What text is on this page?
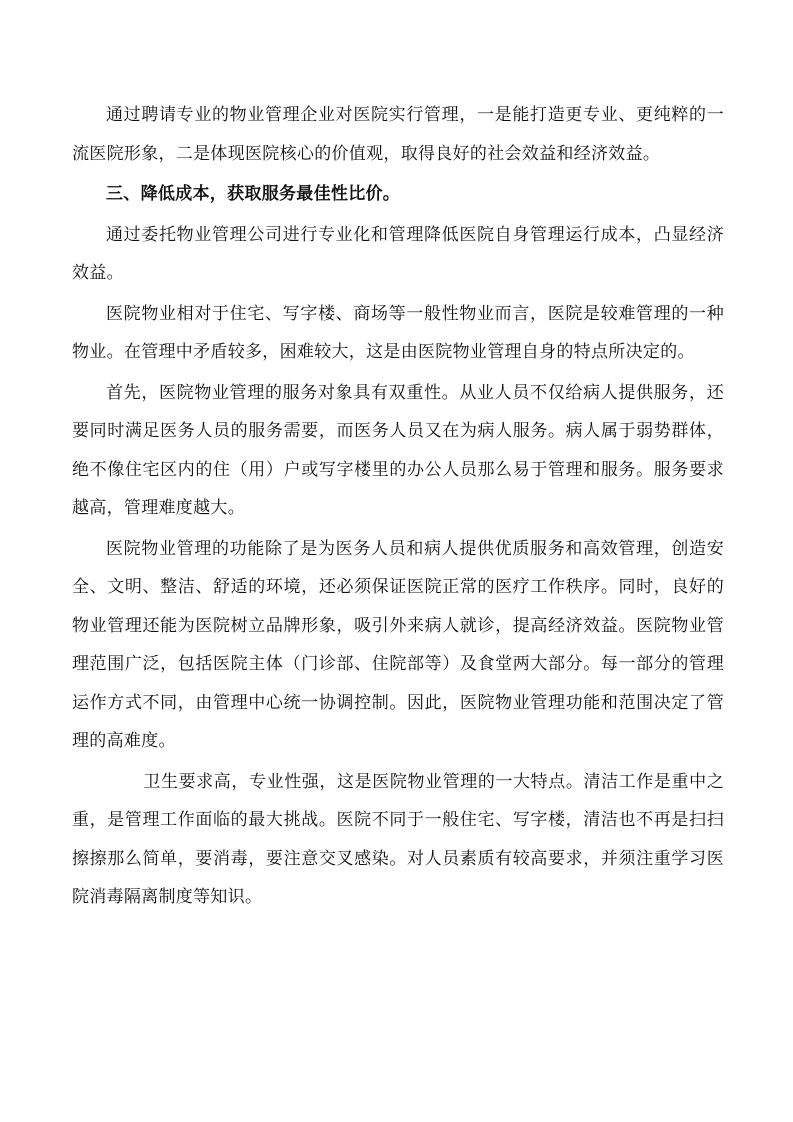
通过聘请专业的物业管理企业对医院实行管理，一是能打造更专业、更纯粹的一流医院形象，二是体现医院核心的价值观，取得良好的社会效益和经济效益。

三、降低成本，获取服务最佳性比价。

通过委托物业管理公司进行专业化和管理降低医院自身管理运行成本，凸显经济效益。

医院物业相对于住宅、写字楼、商场等一般性物业而言，医院是较难管理的一种物业。在管理中矛盾较多，困难较大，这是由医院物业管理自身的特点所决定的。

首先，医院物业管理的服务对象具有双重性。从业人员不仅给病人提供服务，还要同时满足医务人员的服务需要，而医务人员又在为病人服务。病人属于弱势群体，绝不像住宅区内的住（用）户或写字楼里的办公人员那么易于管理和服务。服务要求越高，管理难度越大。

医院物业管理的功能除了是为医务人员和病人提供优质服务和高效管理，创造安全、文明、整洁、舒适的环境，还必须保证医院正常的医疗工作秩序。同时，良好的物业管理还能为医院树立品牌形象，吸引外来病人就诊，提高经济效益。医院物业管理范围广泛，包括医院主体（门诊部、住院部等）及食堂两大部分。每一部分的管理运作方式不同，由管理中心统一协调控制。因此，医院物业管理功能和范围决定了管理的高难度。

卫生要求高，专业性强，这是医院物业管理的一大特点。清洁工作是重中之重，是管理工作面临的最大挑战。医院不同于一般住宅、写字楼，清洁也不再是扫扫擦擦那么简单，要消毒，要注意交叉感染。对人员素质有较高要求，并须注重学习医院消毒隔离制度等知识。
